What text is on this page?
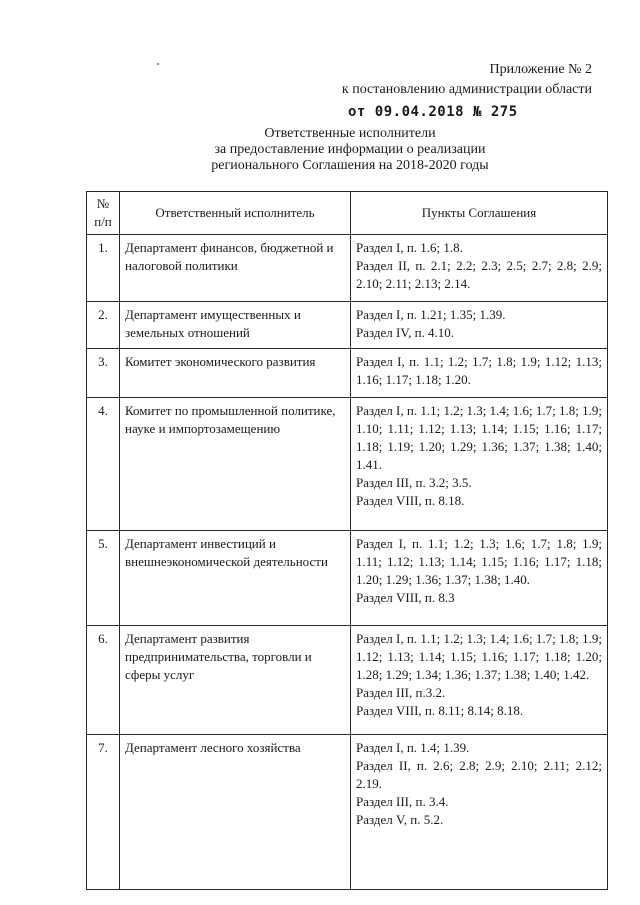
Приложение № 2
к постановлению администрации области
от 09.04.2018 № 275
Ответственные исполнители
за предоставление информации о реализации
регионального Соглашения на 2018-2020 годы
№
п/п	Ответственный исполнитель	Пункты Соглашения
1.	Департамент финансов, бюджетной и налоговой политики	Раздел I, п. 1.6; 1.8.
Раздел II, п. 2.1; 2.2; 2.3; 2.5; 2.7; 2.8; 2.9; 2.10; 2.11; 2.13; 2.14.

2.	Департамент имущественных и земельных отношений	Раздел I, п. 1.21; 1.35; 1.39.
Раздел IV, п. 4.10.

3.	Комитет экономического развития	Раздел I, п. 1.1; 1.2; 1.7; 1.8; 1.9; 1.12; 1.13; 1.16; 1.17; 1.18; 1.20.

4.	Комитет по промышленной политике, науке и импортозамещению	Раздел I, п. 1.1; 1.2; 1.3; 1.4; 1.6; 1.7; 1.8; 1.9; 1.10; 1.11; 1.12; 1.13; 1.14; 1.15; 1.16; 1.17; 1.18; 1.19; 1.20; 1.29; 1.36; 1.37; 1.38; 1.40; 1.41.
Раздел III, п. 3.2; 3.5.
Раздел VIII, п. 8.18.

5.	Департамент инвестиций и внешнеэкономической деятельности	Раздел I, п. 1.1; 1.2; 1.3; 1.6; 1.7; 1.8; 1.9; 1.11; 1.12; 1.13; 1.14; 1.15; 1.16; 1.17; 1.18; 1.20; 1.29; 1.36; 1.37; 1.38; 1.40.
Раздел VIII, п. 8.3

6.	Департамент развития предпринимательства, торговли и сферы услуг	Раздел I, п. 1.1; 1.2; 1.3; 1.4; 1.6; 1.7; 1.8; 1.9; 1.12; 1.13; 1.14; 1.15; 1.16; 1.17; 1.18; 1.20; 1.28; 1.29; 1.34; 1.36; 1.37; 1.38; 1.40; 1.42.
Раздел III, п.3.2.
Раздел VIII, п. 8.11; 8.14; 8.18.

7.	Департамент лесного хозяйства	Раздел I, п. 1.4; 1.39.
Раздел II, п. 2.6; 2.8; 2.9; 2.10; 2.11; 2.12; 2.19.
Раздел III, п. 3.4.
Раздел V, п. 5.2.
